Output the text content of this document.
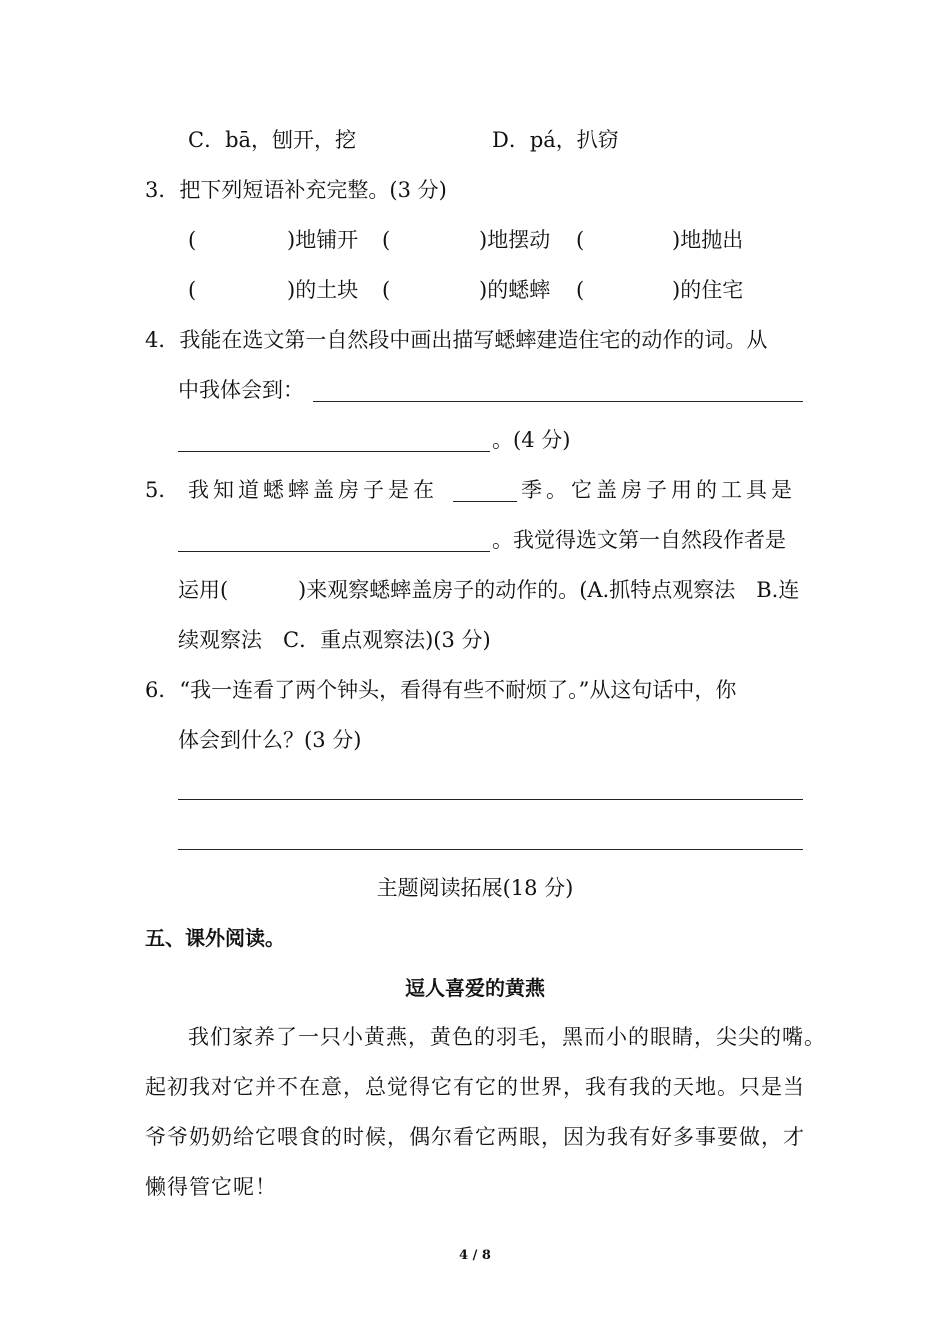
C．bā，刨开，挖	D．pá，扒窃
3．把下列短语补充完整。(3 分)
(	)地铺开 (	)地摆动 (	)地抛出
(	)的土块 (	)的蟋蟀 (	)的住宅
4．我能在选文第一自然段中画出描写蟋蟀建造住宅的动作的词。从
中我体会到：
。(4 分)
5． 我知道蟋蟀盖房子是在	季。它盖房子用的工具是
。我觉得选文第一自然段作者是
运用(	)来观察蟋蟀盖房子的动作的。(A.抓特点观察法　B.连
续观察法　C．重点观察法)(3 分)
6．“我一连看了两个钟头，看得有些不耐烦了。”从这句话中，你
体会到什么？(3 分)
主题阅读拓展(18 分)
五、课外阅读。
逗人喜爱的黄燕
我们家养了一只小黄燕，黄色的羽毛，黑而小的眼睛，尖尖的嘴。
起初我对它并不在意，总觉得它有它的世界，我有我的天地。只是当
爷爷奶奶给它喂食的时候，偶尔看它两眼，因为我有好多事要做，才
懒得管它呢！
4 / 8
